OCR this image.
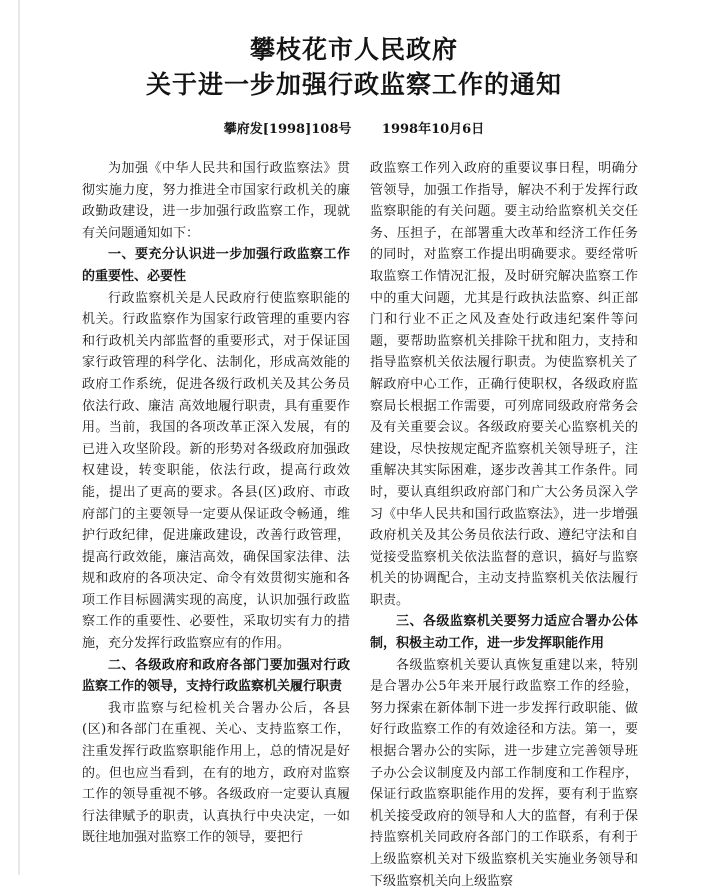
攀枝花市人民政府
关于进一步加强行政监察工作的通知
攀府发[1998]108号 1998年10月6日

为加强《中华人民共和国行政监察法》贯彻实施力度，努力推进全市国家行政机关的廉政勤政建设，进一步加强行政监察工作，现就有关问题通知如下：

一、要充分认识进一步加强行政监察工作的重要性、必要性

行政监察机关是人民政府行使监察职能的机关。行政监察作为国家行政管理的重要内容和行政机关内部监督的重要形式，对于保证国家行政管理的科学化、法制化，形成高效能的政府工作系统，促进各级行政机关及其公务员依法行政、廉洁 高效地履行职责，具有重要作用。当前，我国的各项改革正深入发展，有的已进入攻坚阶段。新的形势对各级政府加强政权建设，转变职能，依法行政，提高行政效能，提出了更高的要求。各县(区)政府、市政府部门的主要领导一定要从保证政令畅通，维护行政纪律，促进廉政建设，改善行政管理，提高行政效能，廉洁高效，确保国家法律、法规和政府的各项决定、命令有效贯彻实施和各项工作目标圆满实现的高度，认识加强行政监察工作的重要性、必要性，采取切实有力的措施，充分发挥行政监察应有的作用。

二、各级政府和政府各部门要加强对行政监察工作的领导，支持行政监察机关履行职责

我市监察与纪检机关合署办公后，各县(区)和各部门在重视、关心、支持监察工作，注重发挥行政监察职能作用上，总的情况是好的。但也应当看到，在有的地方，政府对监察工作的领导重视不够。各级政府一定要认真履行法律赋予的职责，认真执行中央决定，一如既往地加强对监察工作的领导，要把行

政监察工作列入政府的重要议事日程，明确分管领导，加强工作指导，解决不利于发挥行政监察职能的有关问题。要主动给监察机关交任务、压担子，在部署重大改革和经济工作任务的同时，对监察工作提出明确要求。要经常听取监察工作情况汇报，及时研究解决监察工作中的重大问题，尤其是行政执法监察、纠正部门和行业不正之风及查处行政违纪案件等问题，要帮助监察机关排除干扰和阻力，支持和指导监察机关依法履行职责。为使监察机关了解政府中心工作，正确行使职权，各级政府监察局长根据工作需要，可列席同级政府常务会及有关重要会议。各级政府要关心监察机关的建设，尽快按规定配齐监察机关领导班子，注重解决其实际困难，逐步改善其工作条件。同时，要认真组织政府部门和广大公务员深入学习《中华人民共和国行政监察法》，进一步增强政府机关及其公务员依法行政、遵纪守法和自觉接受监察机关依法监督的意识，搞好与监察机关的协调配合，主动支持监察机关依法履行职责。

三、各级监察机关要努力适应合署办公体制，积极主动工作，进一步发挥职能作用

各级监察机关要认真恢复重建以来，特别是合署办公5年来开展行政监察工作的经验，努力探索在新体制下进一步发挥行政职能、做好行政监察工作的有效途径和方法。第一，要根据合署办公的实际，进一步建立完善领导班子办公会议制度及内部工作制度和工作程序，保证行政监察职能作用的发挥，要有利于监察机关接受政府的领导和人大的监督，有利于保持监察机关同政府各部门的工作联系，有利于上级监察机关对下级监察机关实施业务领导和下级监察机关向上级监察
